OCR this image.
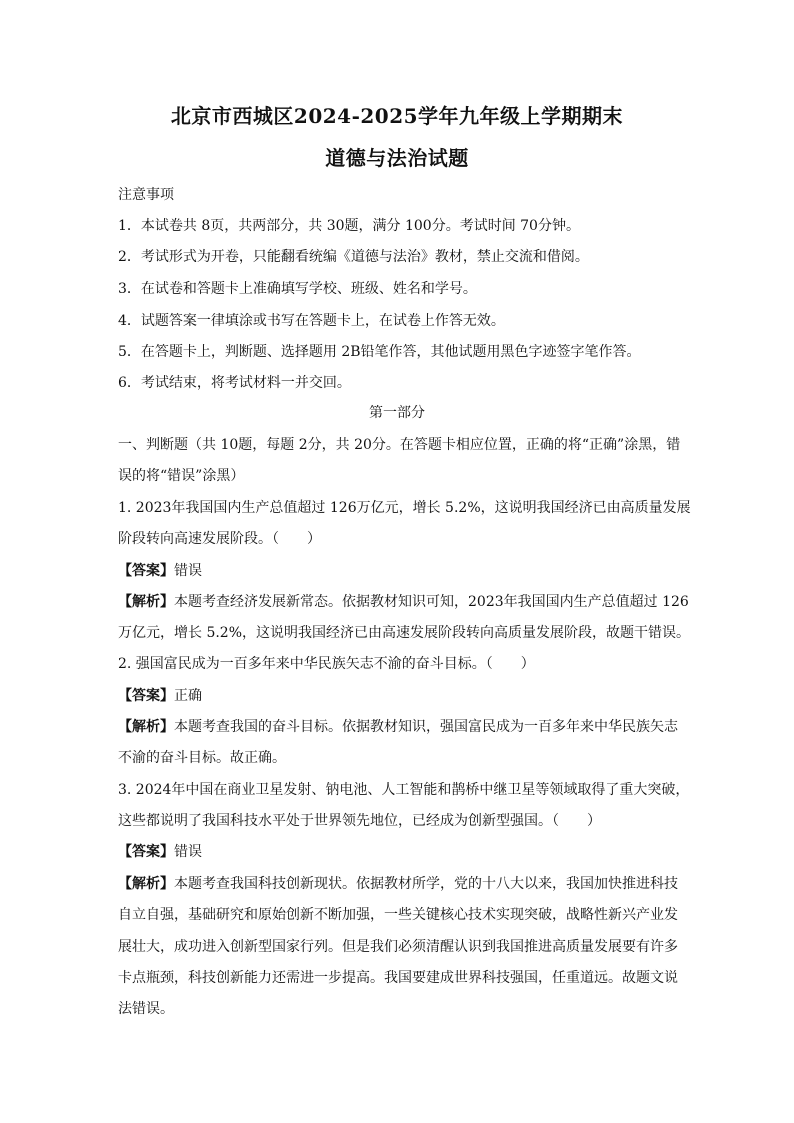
北京市西城区2024-2025学年九年级上学期期末
道德与法治试题
注意事项
1．本试卷共 8页，共两部分，共 30题，满分 100分。考试时间 70分钟。
2．考试形式为开卷，只能翻看统编《道德与法治》教材，禁止交流和借阅。
3．在试卷和答题卡上准确填写学校、班级、姓名和学号。
4．试题答案一律填涂或书写在答题卡上，在试卷上作答无效。
5．在答题卡上，判断题、选择题用 2B铅笔作答，其他试题用黑色字迹签字笔作答。
6．考试结束，将考试材料一并交回。
第一部分
一、判断题（共 10题，每题 2分，共 20分。在答题卡相应位置，正确的将“正确”涂黑，错
误的将“错误”涂黑）
1. 2023年我国国内生产总值超过 126万亿元，增长 5.2%，这说明我国经济已由高质量发展
阶段转向高速发展阶段。（　　）
【答案】错误
【解析】本题考查经济发展新常态。依据教材知识可知，2023年我国国内生产总值超过 126
万亿元，增长 5.2%，这说明我国经济已由高速发展阶段转向高质量发展阶段，故题干错误。
2. 强国富民成为一百多年来中华民族矢志不渝的奋斗目标。（　　）
【答案】正确
【解析】本题考查我国的奋斗目标。依据教材知识，强国富民成为一百多年来中华民族矢志
不渝的奋斗目标。故正确。
3. 2024年中国在商业卫星发射、钠电池、人工智能和鹊桥中继卫星等领域取得了重大突破，
这些都说明了我国科技水平处于世界领先地位，已经成为创新型强国。（　　）
【答案】错误
【解析】本题考查我国科技创新现状。依据教材所学，党的十八大以来，我国加快推进科技
自立自强，基础研究和原始创新不断加强，一些关键核心技术实现突破，战略性新兴产业发
展壮大，成功进入创新型国家行列。但是我们必须清醒认识到我国推进高质量发展要有许多
卡点瓶颈，科技创新能力还需进一步提高。我国要建成世界科技强国，任重道远。故题文说
法错误。
